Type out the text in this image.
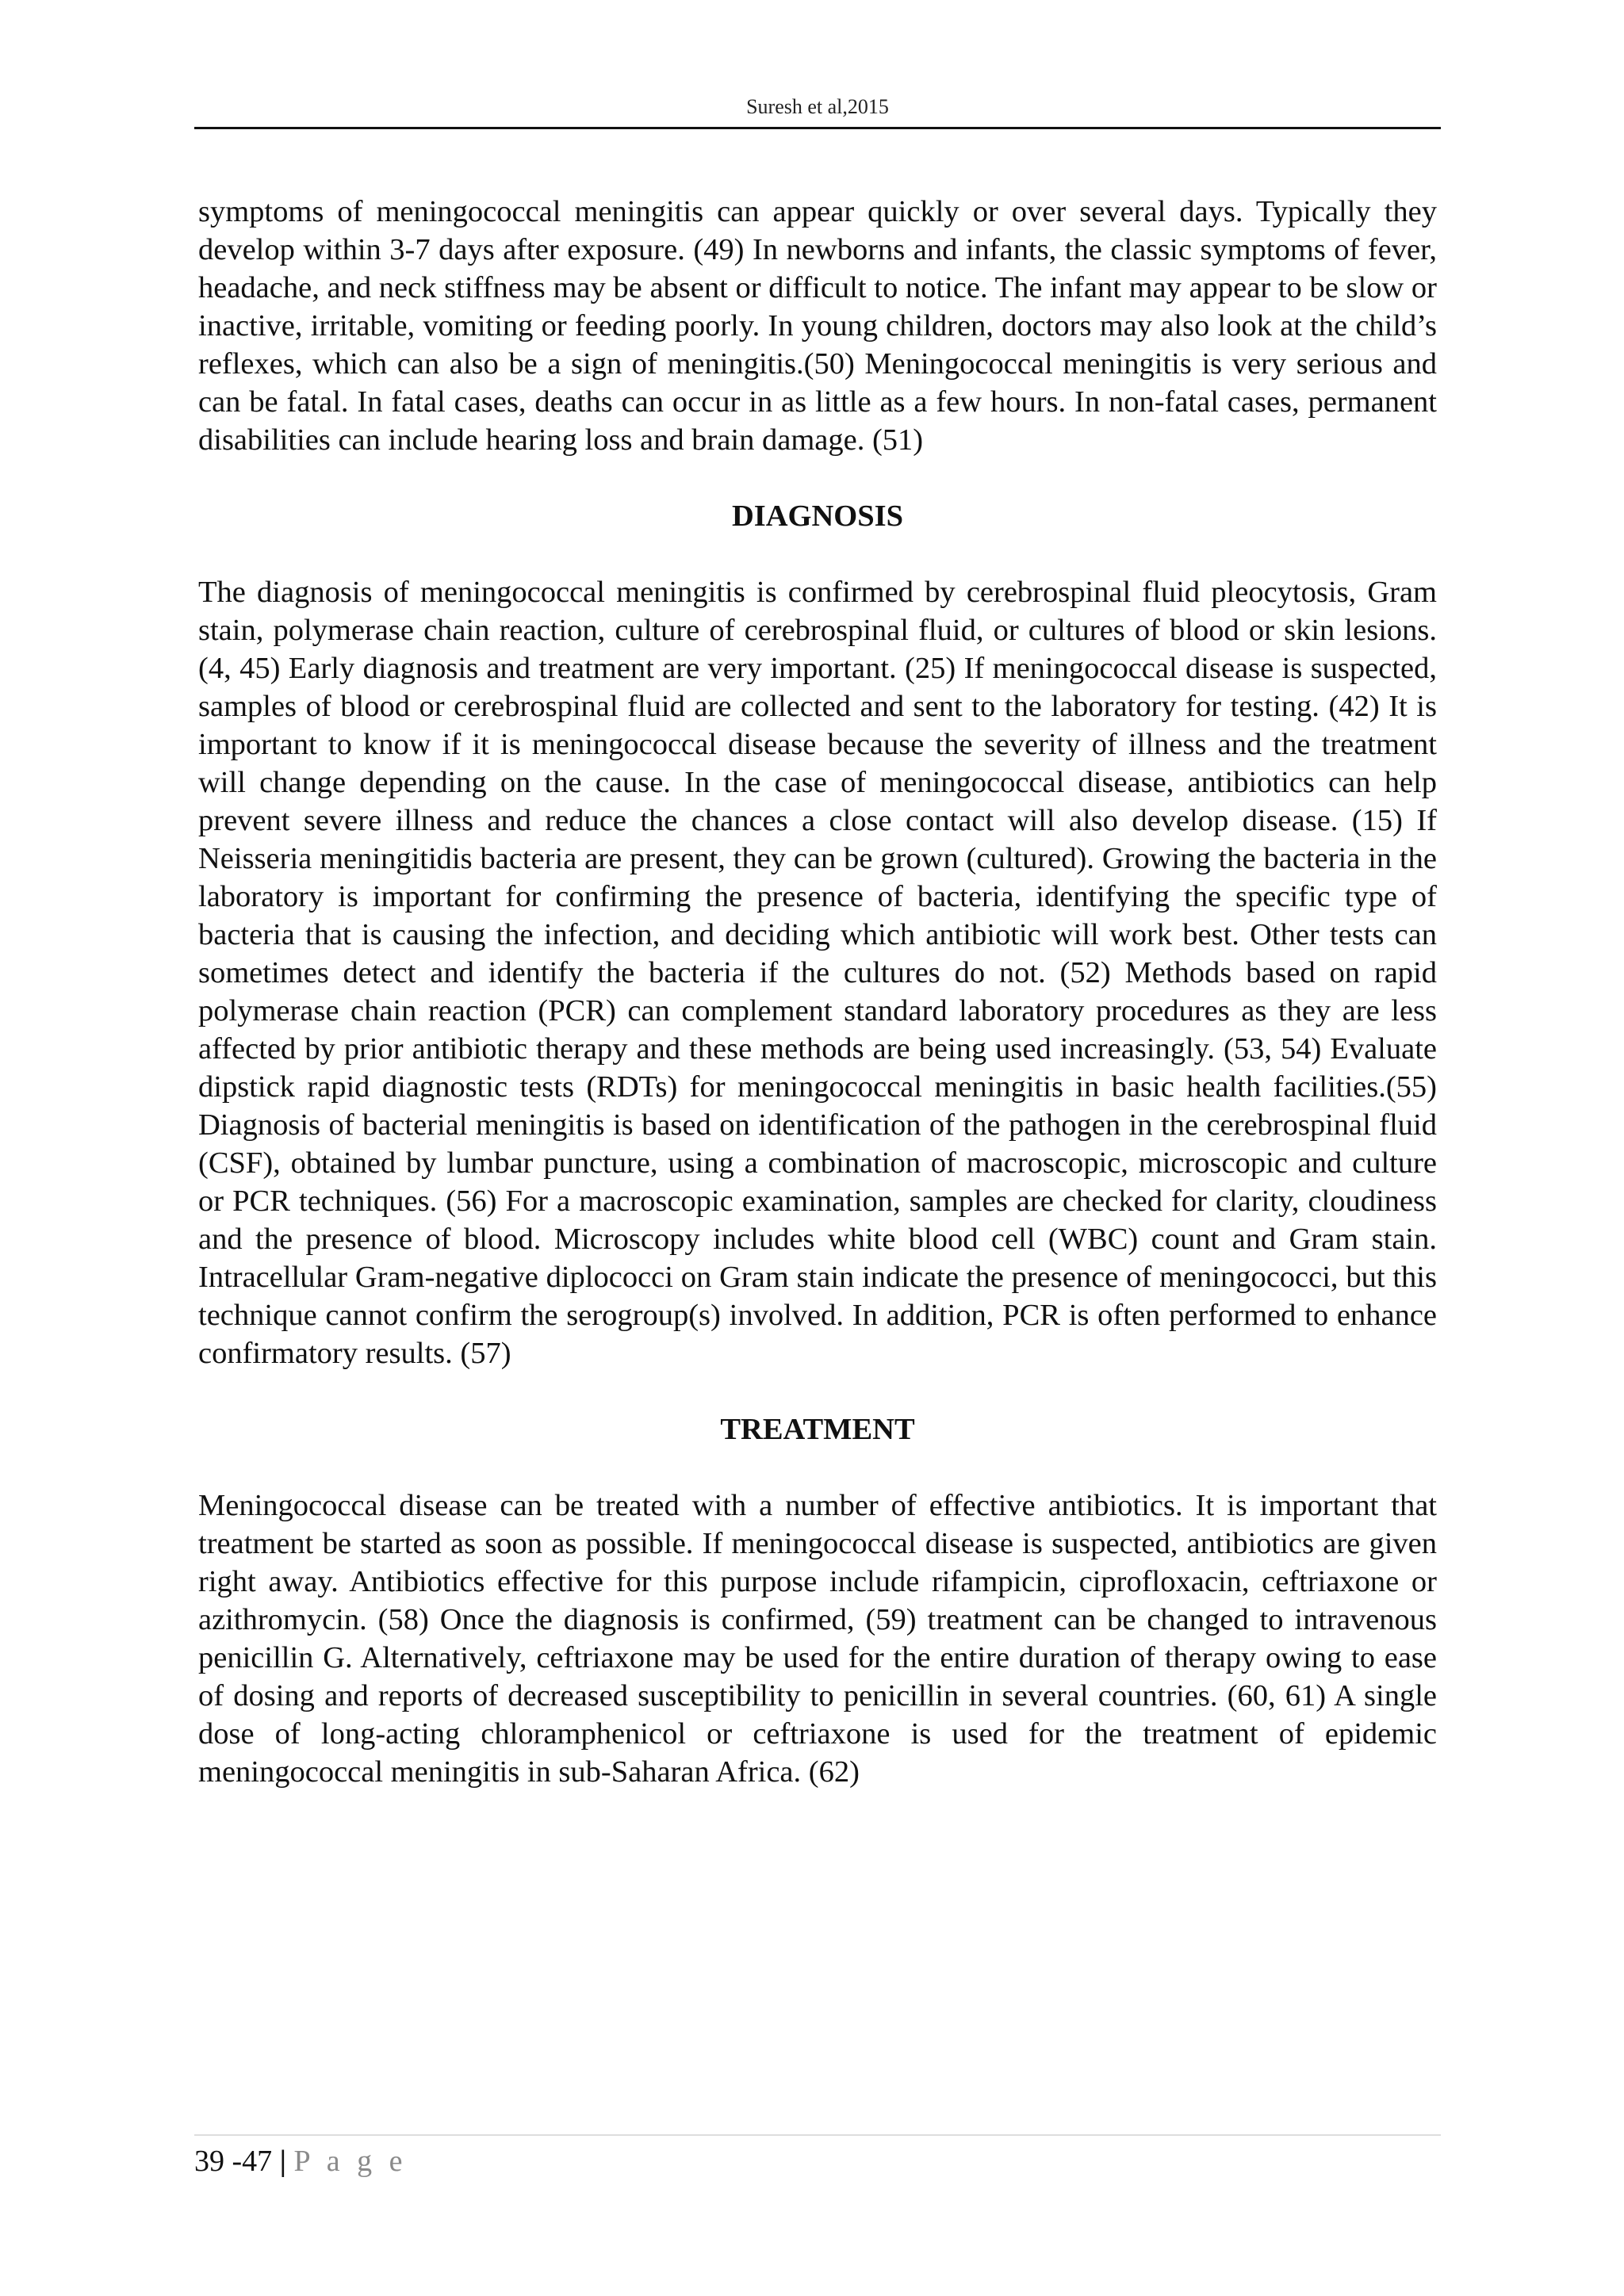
Suresh et al,2015

symptoms of meningococcal meningitis can appear quickly or over several days. Typically they develop within 3-7 days after exposure. (49) In newborns and infants, the classic symptoms of fever, headache, and neck stiffness may be absent or difficult to notice. The infant may appear to be slow or inactive, irritable, vomiting or feeding poorly. In young children, doctors may also look at the child’s reflexes, which can also be a sign of meningitis.(50) Meningococcal meningitis is very serious and can be fatal. In fatal cases, deaths can occur in as little as a few hours. In non-fatal cases, permanent disabilities can include hearing loss and brain damage. (51)

DIAGNOSIS

The diagnosis of meningococcal meningitis is confirmed by cerebrospinal fluid pleocytosis, Gram stain, polymerase chain reaction, culture of cerebrospinal fluid, or cultures of blood or skin lesions. (4, 45) Early diagnosis and treatment are very important. (25) If meningococcal disease is suspected, samples of blood or cerebrospinal fluid are collected and sent to the laboratory for testing. (42) It is important to know if it is meningococcal disease because the severity of illness and the treatment will change depending on the cause. In the case of meningococcal disease, antibiotics can help prevent severe illness and reduce the chances a close contact will also develop disease. (15) If Neisseria meningitidis bacteria are present, they can be grown (cultured). Growing the bacteria in the laboratory is important for confirming the presence of bacteria, identifying the specific type of bacteria that is causing the infection, and deciding which antibiotic will work best. Other tests can sometimes detect and identify the bacteria if the cultures do not. (52) Methods based on rapid polymerase chain reaction (PCR) can complement standard laboratory procedures as they are less affected by prior antibiotic therapy and these methods are being used increasingly. (53, 54) Evaluate dipstick rapid diagnostic tests (RDTs) for meningococcal meningitis in basic health facilities.(55) Diagnosis of bacterial meningitis is based on identification of the pathogen in the cerebrospinal fluid (CSF), obtained by lumbar puncture, using a combination of macroscopic, microscopic and culture or PCR techniques. (56) For a macroscopic examination, samples are checked for clarity, cloudiness and the presence of blood. Microscopy includes white blood cell (WBC) count and Gram stain. Intracellular Gram-negative diplococci on Gram stain indicate the presence of meningococci, but this technique cannot confirm the serogroup(s) involved. In addition, PCR is often performed to enhance confirmatory results. (57)

TREATMENT

Meningococcal disease can be treated with a number of effective antibiotics. It is important that treatment be started as soon as possible. If meningococcal disease is suspected, antibiotics are given right away. Antibiotics effective for this purpose include rifampicin, ciprofloxacin, ceftriaxone or azithromycin. (58) Once the diagnosis is confirmed, (59) treatment can be changed to intravenous penicillin G. Alternatively, ceftriaxone may be used for the entire duration of therapy owing to ease of dosing and reports of decreased susceptibility to penicillin in several countries. (60, 61) A single dose of long-acting chloramphenicol or ceftriaxone is used for the treatment of epidemic meningococcal meningitis in sub-Saharan Africa. (62)

39 -47 | P a g e
